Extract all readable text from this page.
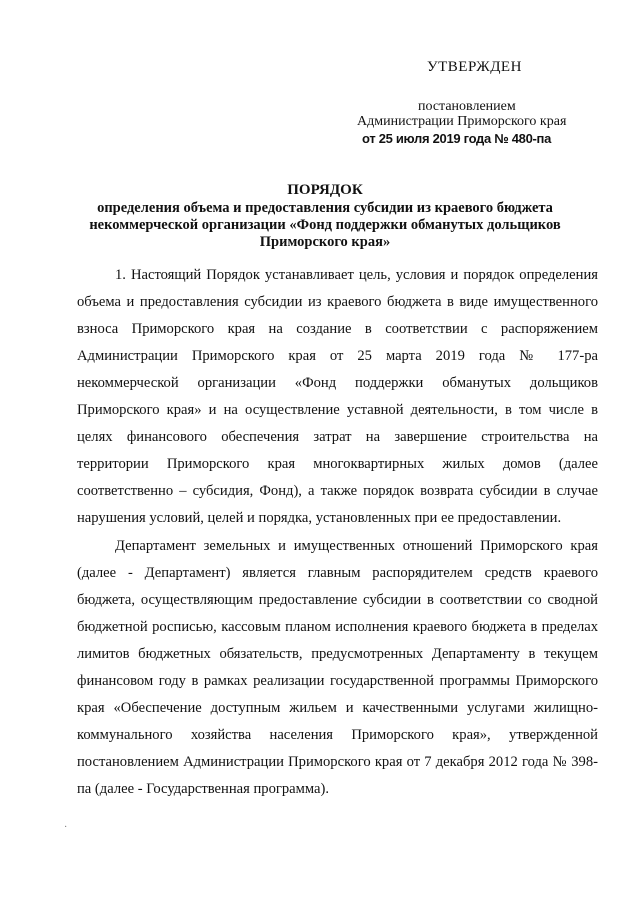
УТВЕРЖДЕН
постановлением
Администрации Приморского края
от 25 июля 2019 года № 480-па

ПОРЯДОК

определения объема и предоставления субсидии из краевого бюджета некоммерческой организации «Фонд поддержки обманутых дольщиков Приморского края»

1. Настоящий Порядок устанавливает цель, условия и порядок определения объема и предоставления субсидии из краевого бюджета в виде имущественного взноса Приморского края на создание в соответствии с распоряжением Администрации Приморского края от 25 марта 2019 года № 177-ра некоммерческой организации «Фонд поддержки обманутых дольщиков Приморского края» и на осуществление уставной деятельности, в том числе в целях финансового обеспечения затрат на завершение строительства на территории Приморского края многоквартирных жилых домов (далее соответственно – субсидия, Фонд), а также порядок возврата субсидии в случае нарушения условий, целей и порядка, установленных при ее предоставлении.

Департамент земельных и имущественных отношений Приморского края (далее - Департамент) является главным распорядителем средств краевого бюджета, осуществляющим предоставление субсидии в соответствии со сводной бюджетной росписью, кассовым планом исполнения краевого бюджета в пределах лимитов бюджетных обязательств, предусмотренных Департаменту в текущем финансовом году в рамках реализации государственной программы Приморского края «Обеспечение доступным жильем и качественными услугами жилищно-коммунального хозяйства населения Приморского края», утвержденной постановлением Администрации Приморского края от 7 декабря 2012 года № 398-па (далее - Государственная программа).

·
